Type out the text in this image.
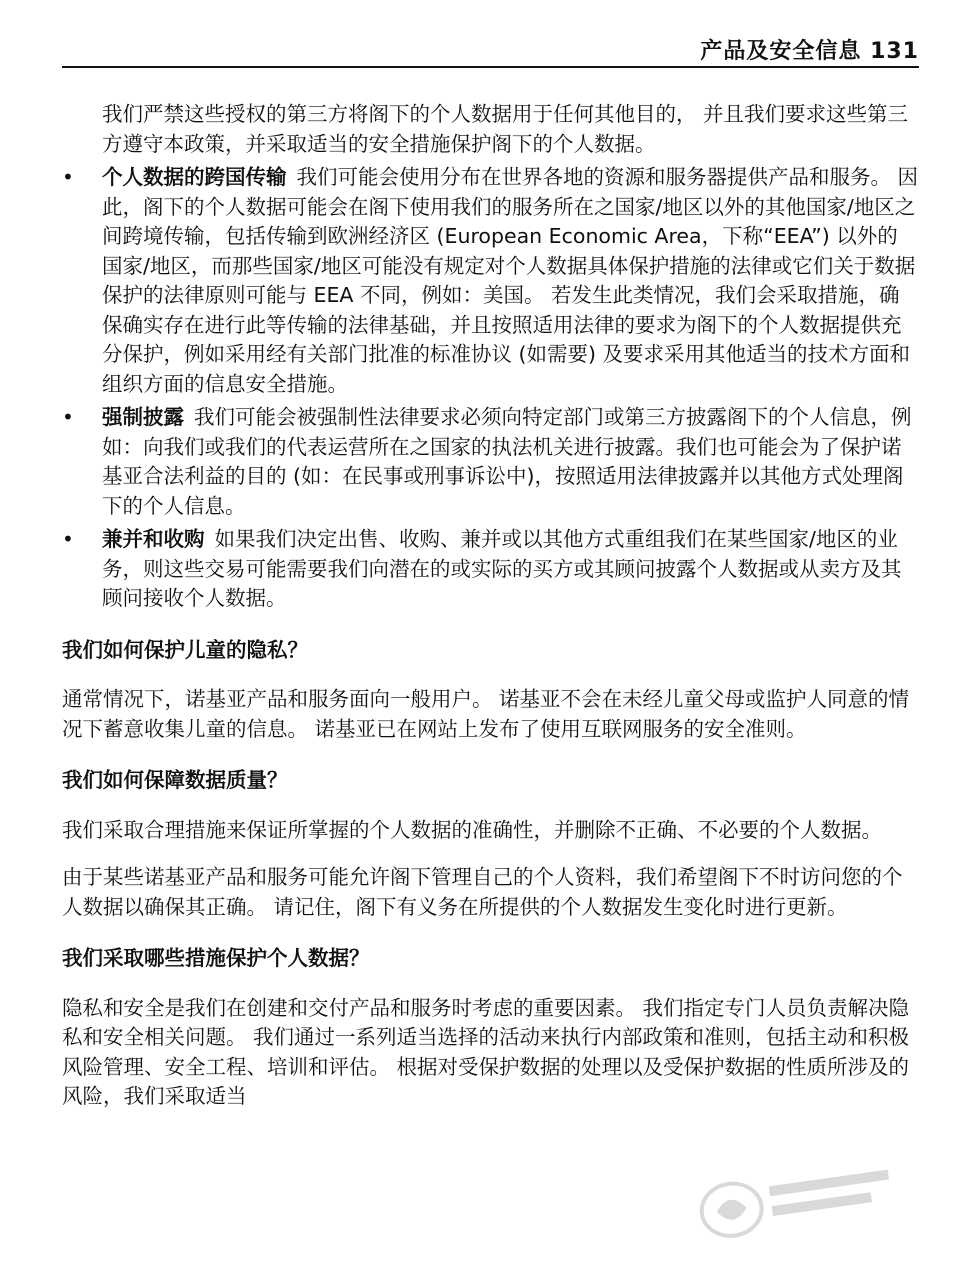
产品及安全信息 131

我们严禁这些授权的第三方将阁下的个人数据用于任何其他目的， 并且我们要求这些第三方遵守本政策，并采取适当的安全措施保护阁下的个人数据。

• 个人数据的跨国传输 我们可能会使用分布在世界各地的资源和服务器提供产品和服务。 因此，阁下的个人数据可能会在阁下使用我们的服务所在之国家/地区以外的其他国家/地区之间跨境传输，包括传输到欧洲经济区 (European Economic Area，下称“EEA”) 以外的国家/地区，而那些国家/地区可能没有规定对个人数据具体保护措施的法律或它们关于数据保护的法律原则可能与 EEA 不同，例如：美国。 若发生此类情况，我们会采取措施，确保确实存在进行此等传输的法律基础，并且按照适用法律的要求为阁下的个人数据提供充分保护，例如采用经有关部门批准的标准协议 (如需要) 及要求采用其他适当的技术方面和组织方面的信息安全措施。
• 强制披露 我们可能会被强制性法律要求必须向特定部门或第三方披露阁下的个人信息，例如：向我们或我们的代表运营所在之国家的执法机关进行披露。我们也可能会为了保护诺基亚合法利益的目的 (如：在民事或刑事诉讼中)，按照适用法律披露并以其他方式处理阁下的个人信息。
• 兼并和收购 如果我们决定出售、收购、兼并或以其他方式重组我们在某些国家/地区的业务，则这些交易可能需要我们向潜在的或实际的买方或其顾问披露个人数据或从卖方及其顾问接收个人数据。
我们如何保护儿童的隐私？

通常情况下，诺基亚产品和服务面向一般用户。 诺基亚不会在未经儿童父母或监护人同意的情况下蓄意收集儿童的信息。 诺基亚已在网站上发布了使用互联网服务的安全准则。

我们如何保障数据质量？

我们采取合理措施来保证所掌握的个人数据的准确性，并删除不正确、不必要的个人数据。

由于某些诺基亚产品和服务可能允许阁下管理自己的个人资料，我们希望阁下不时访问您的个人数据以确保其正确。 请记住，阁下有义务在所提供的个人数据发生变化时进行更新。

我们采取哪些措施保护个人数据？

隐私和安全是我们在创建和交付产品和服务时考虑的重要因素。 我们指定专门人员负责解决隐私和安全相关问题。 我们通过一系列适当选择的活动来执行内部政策和准则，包括主动和积极风险管理、安全工程、培训和评估。 根据对受保护数据的处理以及受保护数据的性质所涉及的风险，我们采取适当
